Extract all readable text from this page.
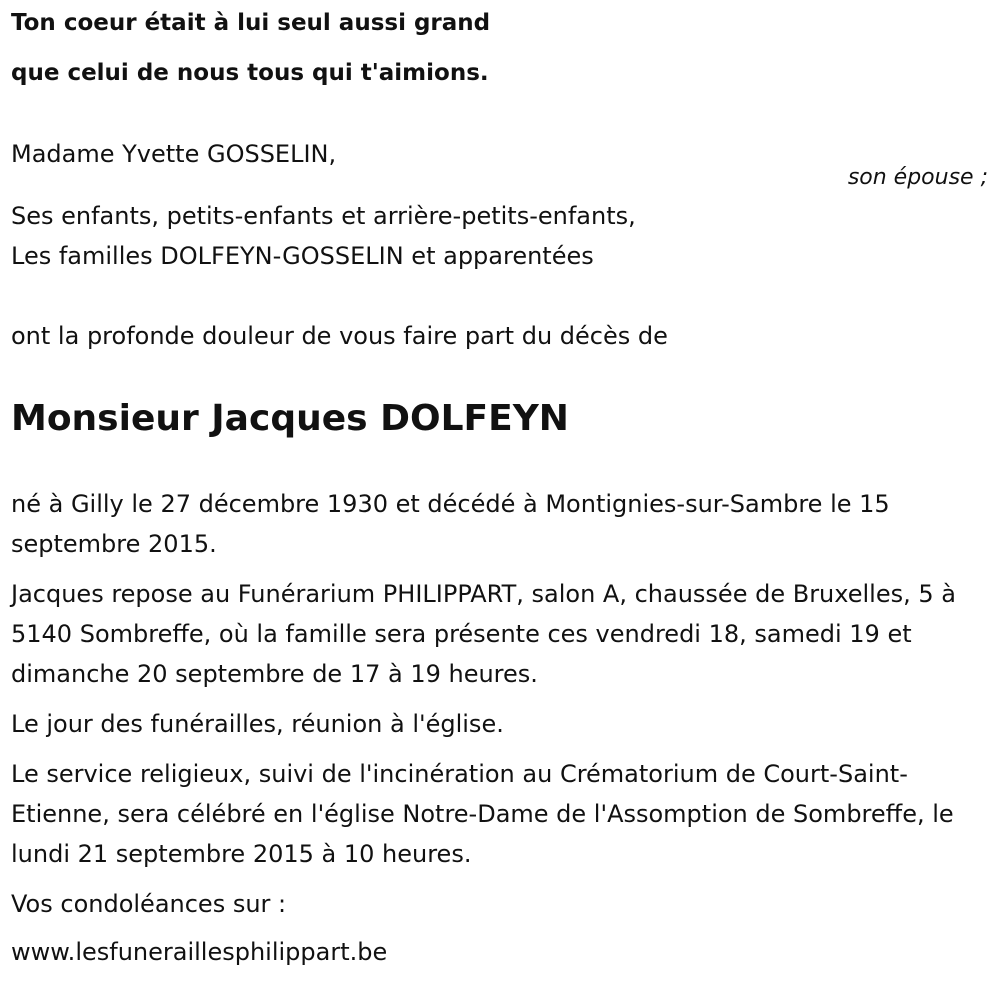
Ton coeur était à lui seul aussi grand
que celui de nous tous qui t'aimions.
Madame Yvette GOSSELIN,
son épouse ;
Ses enfants, petits-enfants et arrière-petits-enfants,
Les familles DOLFEYN-GOSSELIN et apparentées
ont la profonde douleur de vous faire part du décès de
Monsieur Jacques DOLFEYN
né à Gilly le 27 décembre 1930 et décédé à Montignies-sur-Sambre le 15 septembre 2015.
Jacques repose au Funérarium PHILIPPART, salon A, chaussée de Bruxelles, 5 à 5140 Sombreffe, où la famille sera présente ces vendredi 18, samedi 19 et dimanche 20 septembre de 17 à 19 heures.
Le jour des funérailles, réunion à l'église.
Le service religieux, suivi de l'incinération au Crématorium de Court-Saint-Etienne, sera célébré en l'église Notre-Dame de l'Assomption de Sombreffe, le lundi 21 septembre 2015 à 10 heures.
Vos condoléances sur :
www.lesfuneraillesphilippart.be
